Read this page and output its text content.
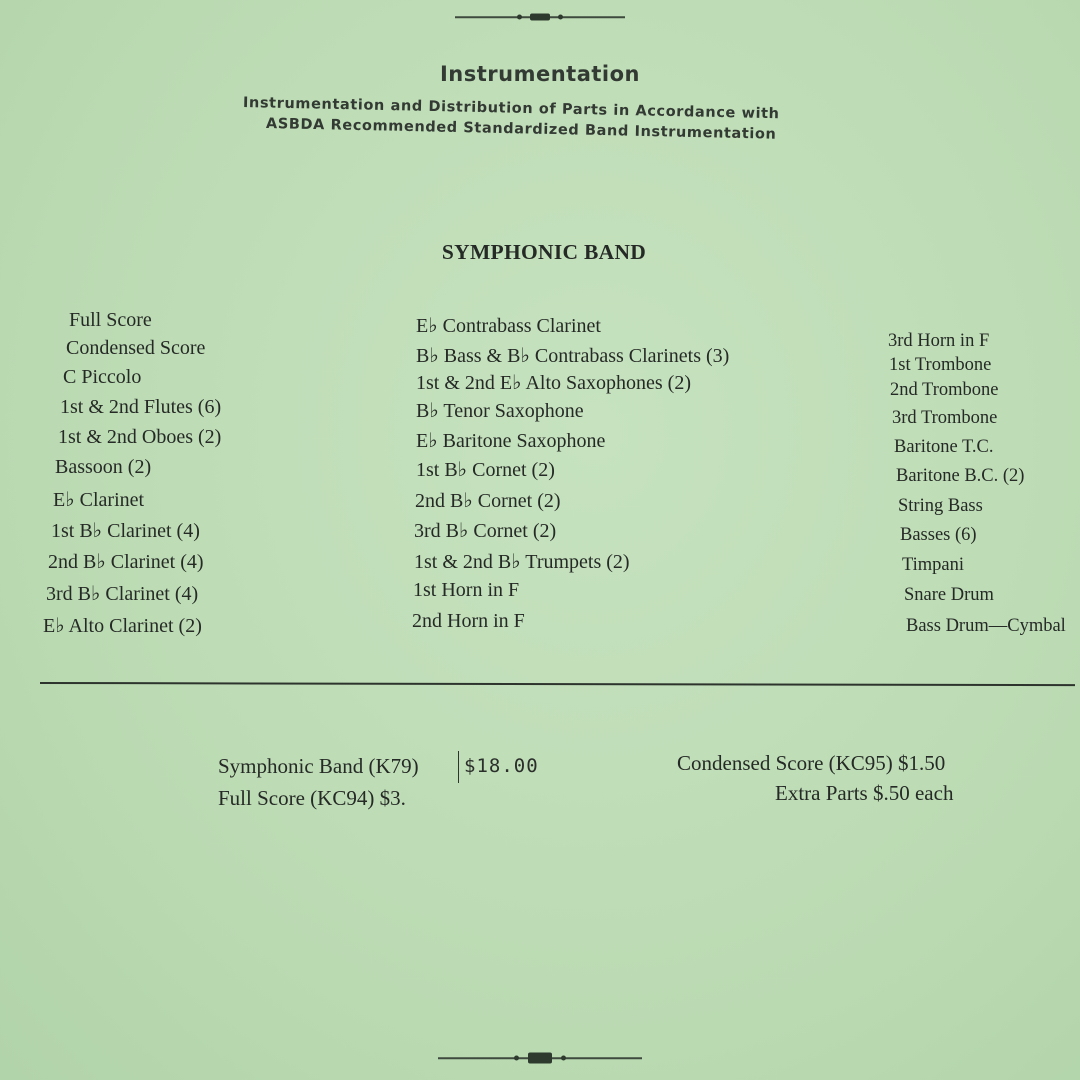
Instrumentation
Instrumentation and Distribution of Parts in Accordance with
ASBDA Recommended Standardized Band Instrumentation
SYMPHONIC BAND
Full Score
Condensed Score
C Piccolo
1st & 2nd Flutes (6)
1st & 2nd Oboes (2)
Bassoon (2)
E♭ Clarinet
1st B♭ Clarinet (4)
2nd B♭ Clarinet (4)
3rd B♭ Clarinet (4)
E♭ Alto Clarinet (2)
E♭ Contrabass Clarinet
B♭ Bass & B♭ Contrabass Clarinets (3)
1st & 2nd E♭ Alto Saxophones (2)
B♭ Tenor Saxophone
E♭ Baritone Saxophone
1st B♭ Cornet (2)
2nd B♭ Cornet (2)
3rd B♭ Cornet (2)
1st & 2nd B♭ Trumpets (2)
1st Horn in F
2nd Horn in F
3rd Horn in F
1st Trombone
2nd Trombone
3rd Trombone
Baritone T.C.
Baritone B.C. (2)
String Bass
Basses (6)
Timpani
Snare Drum
Bass Drum—Cymbal
Symphonic Band (K79) $18.00
Full Score (KC94) $3.
Condensed Score (KC95) $1.50
Extra Parts $.50 each
